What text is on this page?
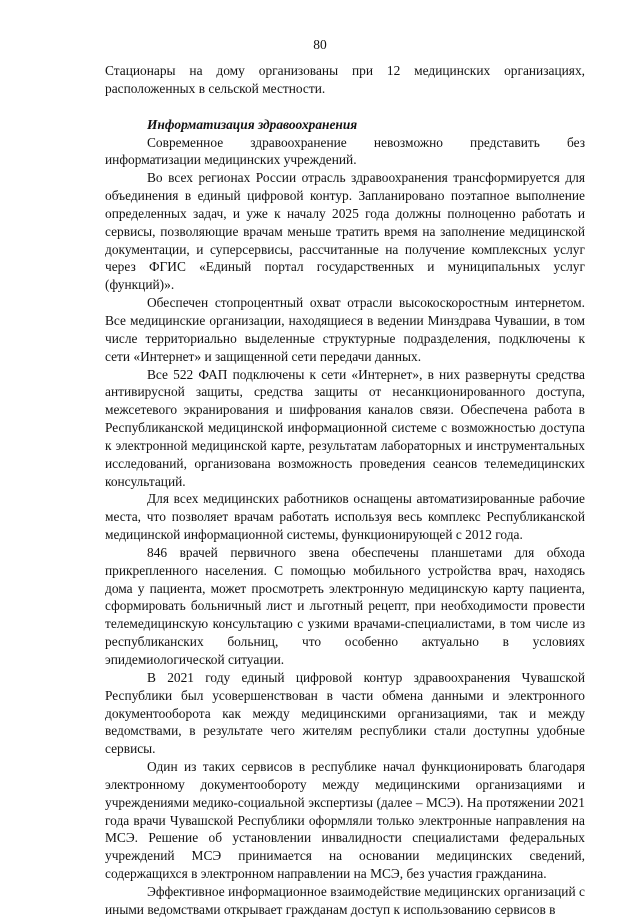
80

Стационары на дому организованы при 12 медицинских организациях, расположенных в сельской местности.

Информатизация здравоохранения

Современное здравоохранение невозможно представить без информатизации медицинских учреждений.

Во всех регионах России отрасль здравоохранения трансформируется для объединения в единый цифровой контур. Запланировано поэтапное выполнение определенных задач, и уже к началу 2025 года должны полноценно работать и сервисы, позволяющие врачам меньше тратить время на заполнение медицинской документации, и суперсервисы, рассчитанные на получение комплексных услуг через ФГИС «Единый портал государственных и муниципальных услуг (функций)».

Обеспечен стопроцентный охват отрасли высокоскоростным интернетом. Все медицинские организации, находящиеся в ведении Минздрава Чувашии, в том числе территориально выделенные структурные подразделения, подключены к сети «Интернет» и защищенной сети передачи данных.

Все 522 ФАП подключены к сети «Интернет», в них развернуты средства антивирусной защиты, средства защиты от несанкционированного доступа, межсетевого экранирования и шифрования каналов связи. Обеспечена работа в Республиканской медицинской информационной системе с возможностью доступа к электронной медицинской карте, результатам лабораторных и инструментальных исследований, организована возможность проведения сеансов телемедицинских консультаций.

Для всех медицинских работников оснащены автоматизированные рабочие места, что позволяет врачам работать используя весь комплекс Республиканской медицинской информационной системы, функционирующей с 2012 года.

846 врачей первичного звена обеспечены планшетами для обхода прикрепленного населения. С помощью мобильного устройства врач, находясь дома у пациента, может просмотреть электронную медицинскую карту пациента, сформировать больничный лист и льготный рецепт, при необходимости провести телемедицинскую консультацию с узкими врачами-специалистами, в том числе из республиканских больниц, что особенно актуально в условиях эпидемиологической ситуации.

В 2021 году единый цифровой контур здравоохранения Чувашской Республики был усовершенствован в части обмена данными и электронного документооборота как между медицинскими организациями, так и между ведомствами, в результате чего жителям республики стали доступны удобные сервисы.

Один из таких сервисов в республике начал функционировать благодаря электронному документообороту между медицинскими организациями и учреждениями медико-социальной экспертизы (далее – МСЭ). На протяжении 2021 года врачи Чувашской Республики оформляли только электронные направления на МСЭ. Решение об установлении инвалидности специалистами федеральных учреждений МСЭ принимается на основании медицинских сведений, содержащихся в электронном направлении на МСЭ, без участия гражданина.

Эффективное информационное взаимодействие медицинских организаций с иными ведомствами открывает гражданам доступ к использованию сервисов в
